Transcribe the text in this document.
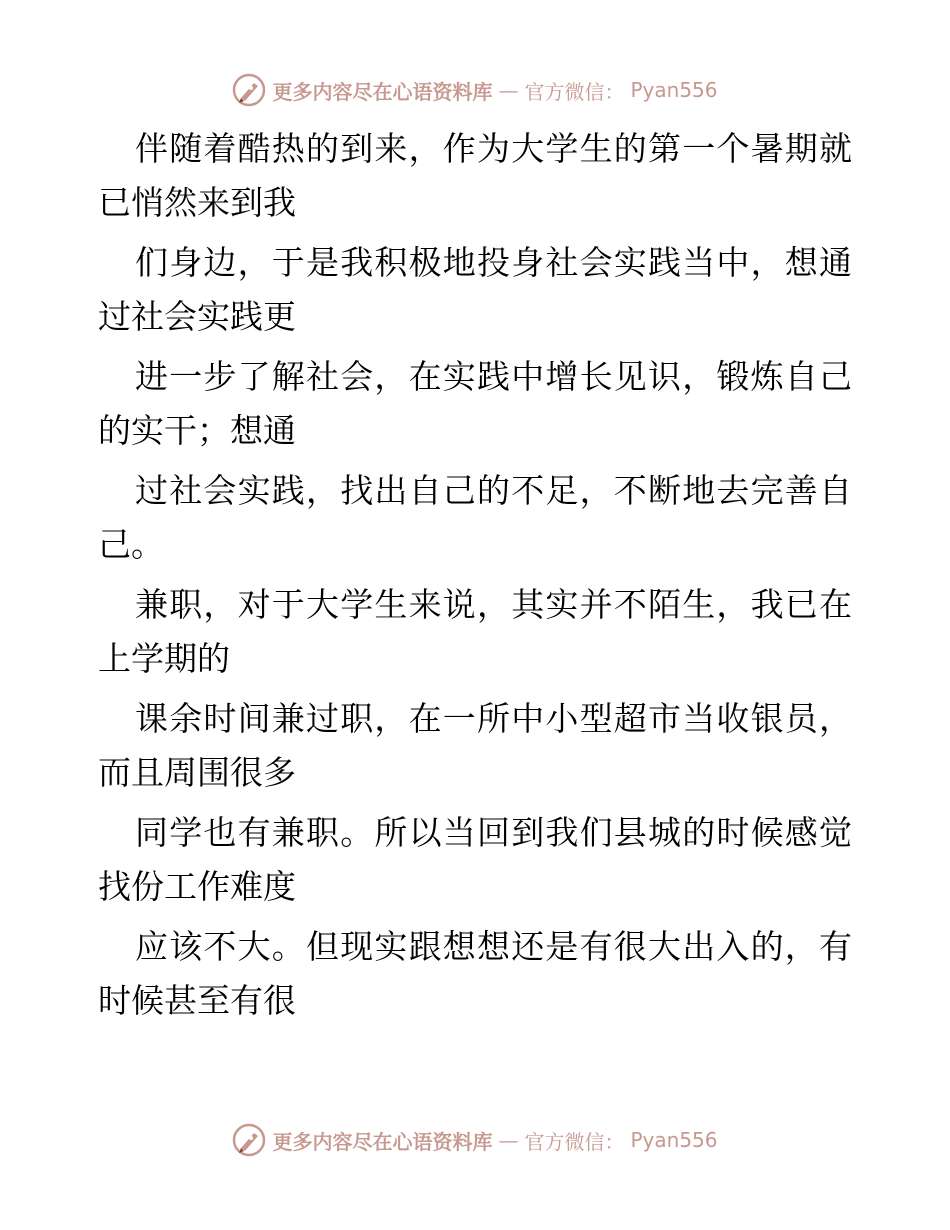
更多内容尽在心语资料库 — 官方微信： Pyan556

伴随着酷热的到来，作为大学生的第一个暑期就
已悄然来到我

们身边，于是我积极地投身社会实践当中，想通
过社会实践更

进一步了解社会，在实践中增长见识，锻炼自己
的实干；想通

过社会实践，找出自己的不足，不断地去完善自
己。

兼职，对于大学生来说，其实并不陌生，我已在
上学期的

课余时间兼过职，在一所中小型超市当收银员，
而且周围很多

同学也有兼职。所以当回到我们县城的时候感觉
找份工作难度

应该不大。但现实跟想想还是有很大出入的，有
时候甚至有很

更多内容尽在心语资料库 — 官方微信： Pyan556
